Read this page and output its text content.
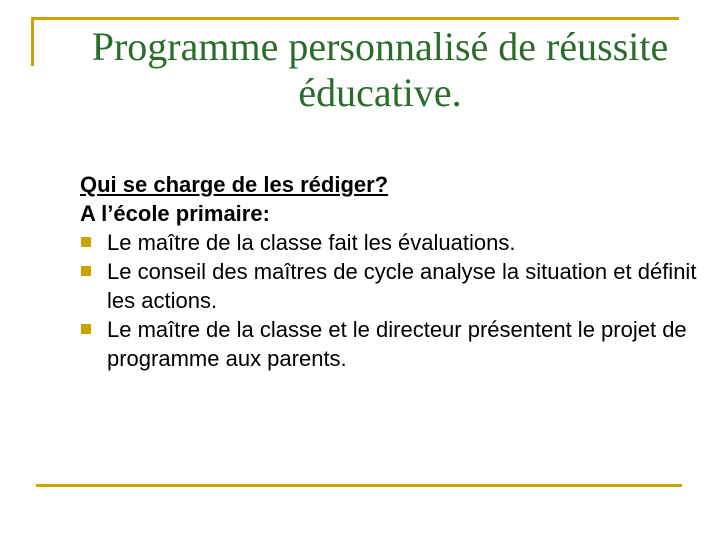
Programme personnalisé de réussite
éducative.
Qui se charge de les rédiger?
A l’école primaire:
Le maître de la classe fait les évaluations.
Le conseil des maîtres de cycle analyse la situation et définit les actions.
Le maître de la classe et le directeur présentent le projet de programme aux parents.
